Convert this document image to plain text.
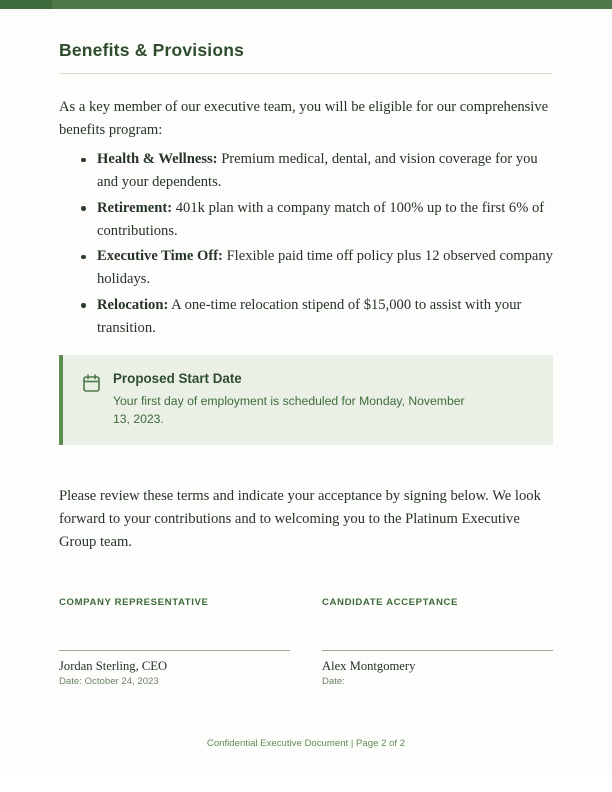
Benefits & Provisions

As a key member of our executive team, you will be eligible for our comprehensive benefits program:

Health & Wellness: Premium medical, dental, and vision coverage for you and your dependents.
Retirement: 401k plan with a company match of 100% up to the first 6% of contributions.
Executive Time Off: Flexible paid time off policy plus 12 observed company holidays.
Relocation: A one-time relocation stipend of $15,000 to assist with your transition.

Proposed Start Date

Your first day of employment is scheduled for Monday, November 13, 2023.

Please review these terms and indicate your acceptance by signing below. We look forward to your contributions and to welcoming you to the Platinum Executive Group team.

COMPANY REPRESENTATIVE

Jordan Sterling, CEO

Date: October 24, 2023

CANDIDATE ACCEPTANCE

Alex Montgomery

Date:

Confidential Executive Document | Page 2 of 2
